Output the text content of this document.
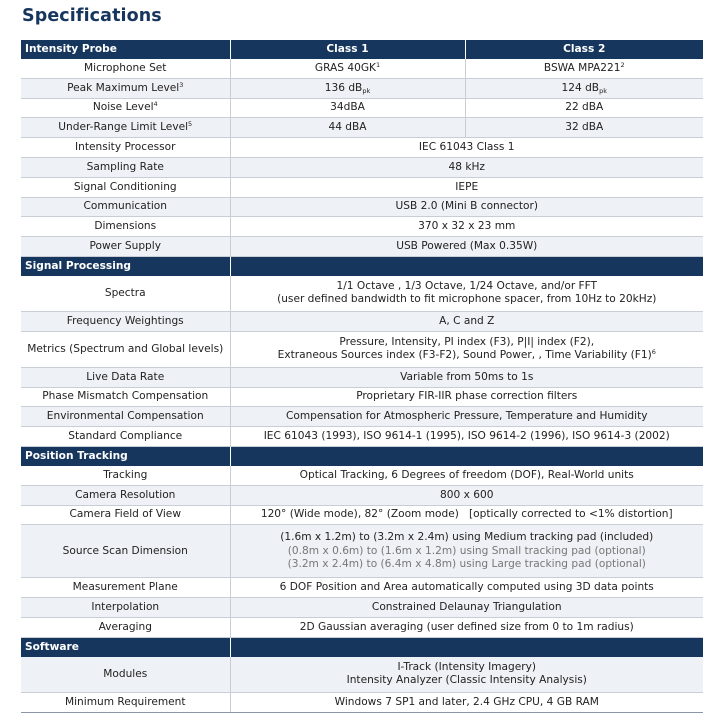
Specifications
Intensity Probe	Class 1	Class 2
Microphone Set	GRAS $40GK^1$	BSWA $MPA221^2$
Peak Maximum Level$^3$	136 $dB_{pk}$	124 $dB_{pk}$
Noise Level$^4$	34dBA	22 dBA
Under-Range Limit Level$^5$	44 dBA	32 dBA
Intensity Processor	IEC 61043 Class 1	
Sampling Rate	48 kHz	
Signal Conditioning	IEPE	
Communication	USB 2.0 (Mini B connector)	
Dimensions	370 x 32 x 23 mm	
Power Supply	USB Powered (Max 0.35W)	
Signal Processing		
Spectra	1/1 Octave , 1/3 Octave, 1/24 Octave, and/or FFT
(user defined bandwidth to fit microphone spacer, from 10Hz to 20kHz)	

Frequency Weightings	A, C and Z	
Metrics (Spectrum and Global levels)	Pressure, Intensity, PI index (F3), P|I| index (F2),
Extraneous Sources index (F3-F2), Sound Power, , Time Variability $(F1)^6$

Live Data Rate	Variable from 50ms to 1s	
Phase Mismatch Compensation	Proprietary FIR-IIR phase correction filters	
Environmental Compensation	Compensation for Atmospheric Pressure, Temperature and Humidity	
Standard Compliance	IEC 61043 (1993), ISO 9614-1 (1995), ISO 9614-2 (1996), ISO 9614-3 (2002)	
Position Tracking		
Tracking	Optical Tracking, 6 Degrees of freedom (DOF), Real-World units	
Camera Resolution	800 x 600	
Camera Field of View	120° (Wide mode), 82° (Zoom mode)   [optically corrected to <1% distortion]	
Source Scan Dimension	(1.6m x 1.2m) to (3.2m x 2.4m) using Medium tracking pad (included)
(0.8m x 0.6m) to (1.6m x 1.2m) using Small tracking pad (optional)
(3.2m x 2.4m) to (6.4m x 4.8m) using Large tracking pad (optional)	

Measurement Plane	6 DOF Position and Area automatically computed using 3D data points	
Interpolation	Constrained Delaunay Triangulation	
Averaging	2D Gaussian averaging (user defined size from 0 to 1m radius)	
Software		
Modules	I-Track (Intensity Imagery)
Intensity Analyzer (Classic Intensity Analysis)	

Minimum Requirement	Windows 7 SP1 and later, 2.4 GHz CPU, 4 GB RAM	
